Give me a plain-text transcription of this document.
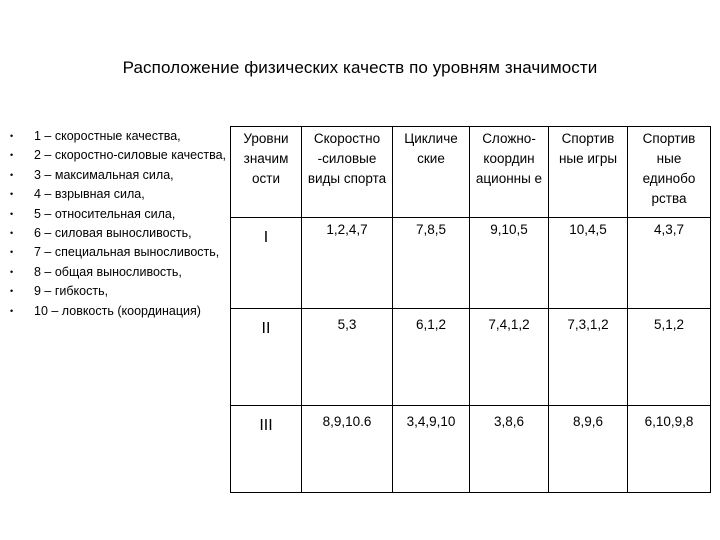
Расположение физических качеств по уровням значимости
• 1 – скоростные качества,
• 2 – скоростно-силовые качества,
• 3 – максимальная сила,
• 4 – взрывная сила,
• 5 – относительная сила,
• 6 – силовая выносливость,
• 7 – специальная выносливость,
• 8 – общая выносливость,
• 9 – гибкость,
• 10 – ловкость (координация)
Уровни значим ости	Скоростно -силовые виды спорта	Цикличе ские	Сложно-координ ационны е	Спортив ные игры	Спортив ные единобо рства
I	1,2,4,7	7,8,5	9,10,5	10,4,5	4,3,7
II	5,3	6,1,2	7,4,1,2	7,3,1,2	5,1,2
III	8,9,10.6	3,4,9,10	3,8,6	8,9,6	6,10,9,8
